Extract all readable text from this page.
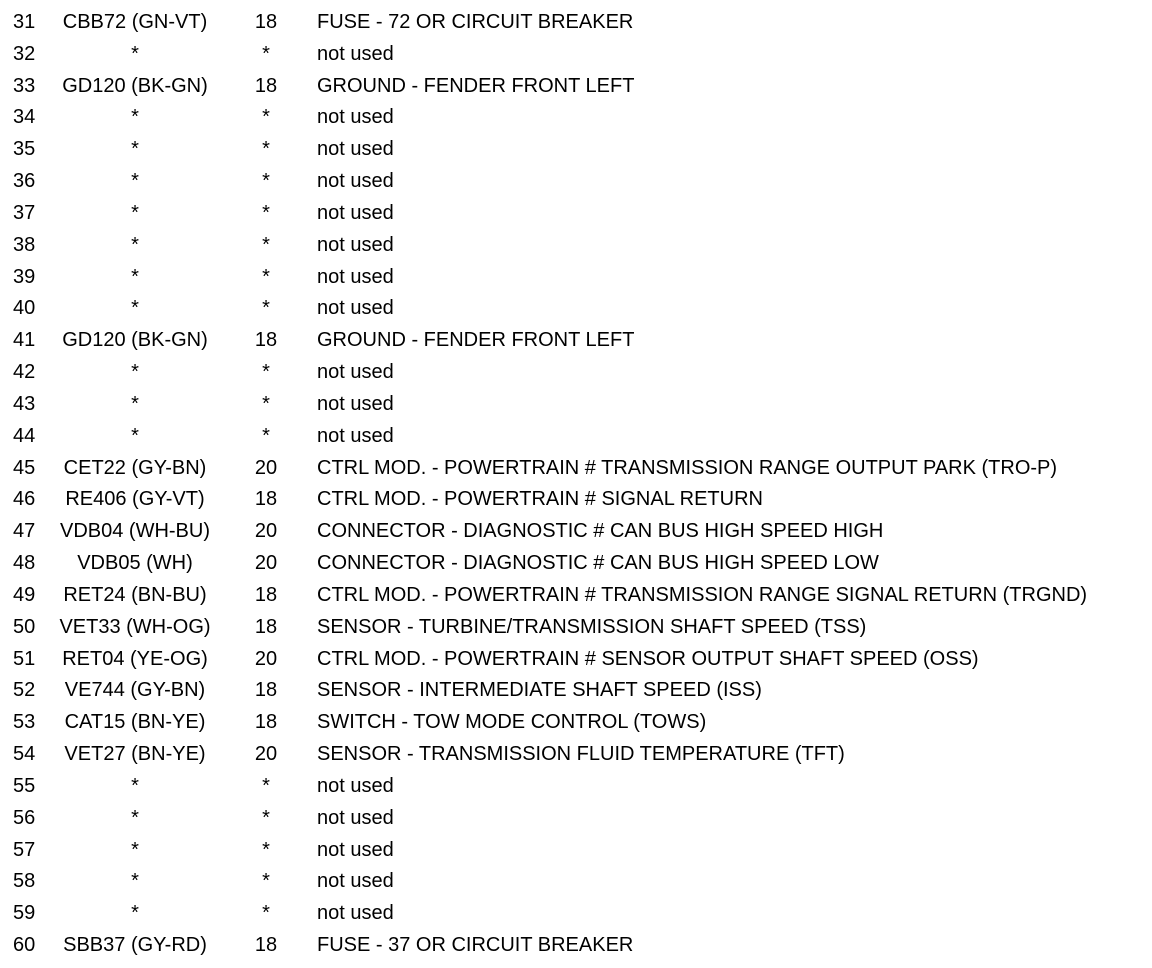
31	CBB72 (GN-VT)	18	FUSE - 72 OR CIRCUIT BREAKER
32	*	*	not used
33	GD120 (BK-GN)	18	GROUND - FENDER FRONT LEFT
34	*	*	not used
35	*	*	not used
36	*	*	not used
37	*	*	not used
38	*	*	not used
39	*	*	not used
40	*	*	not used
41	GD120 (BK-GN)	18	GROUND - FENDER FRONT LEFT
42	*	*	not used
43	*	*	not used
44	*	*	not used
45	CET22 (GY-BN)	20	CTRL MOD. - POWERTRAIN # TRANSMISSION RANGE OUTPUT PARK (TRO-P)
46	RE406 (GY-VT)	18	CTRL MOD. - POWERTRAIN # SIGNAL RETURN
47	VDB04 (WH-BU)	20	CONNECTOR - DIAGNOSTIC # CAN BUS HIGH SPEED HIGH
48	VDB05 (WH)	20	CONNECTOR - DIAGNOSTIC # CAN BUS HIGH SPEED LOW
49	RET24 (BN-BU)	18	CTRL MOD. - POWERTRAIN # TRANSMISSION RANGE SIGNAL RETURN (TRGND)
50	VET33 (WH-OG)	18	SENSOR - TURBINE/TRANSMISSION SHAFT SPEED (TSS)
51	RET04 (YE-OG)	20	CTRL MOD. - POWERTRAIN # SENSOR OUTPUT SHAFT SPEED (OSS)
52	VE744 (GY-BN)	18	SENSOR - INTERMEDIATE SHAFT SPEED (ISS)
53	CAT15 (BN-YE)	18	SWITCH - TOW MODE CONTROL (TOWS)
54	VET27 (BN-YE)	20	SENSOR - TRANSMISSION FLUID TEMPERATURE (TFT)
55	*	*	not used
56	*	*	not used
57	*	*	not used
58	*	*	not used
59	*	*	not used
60	SBB37 (GY-RD)	18	FUSE - 37 OR CIRCUIT BREAKER
